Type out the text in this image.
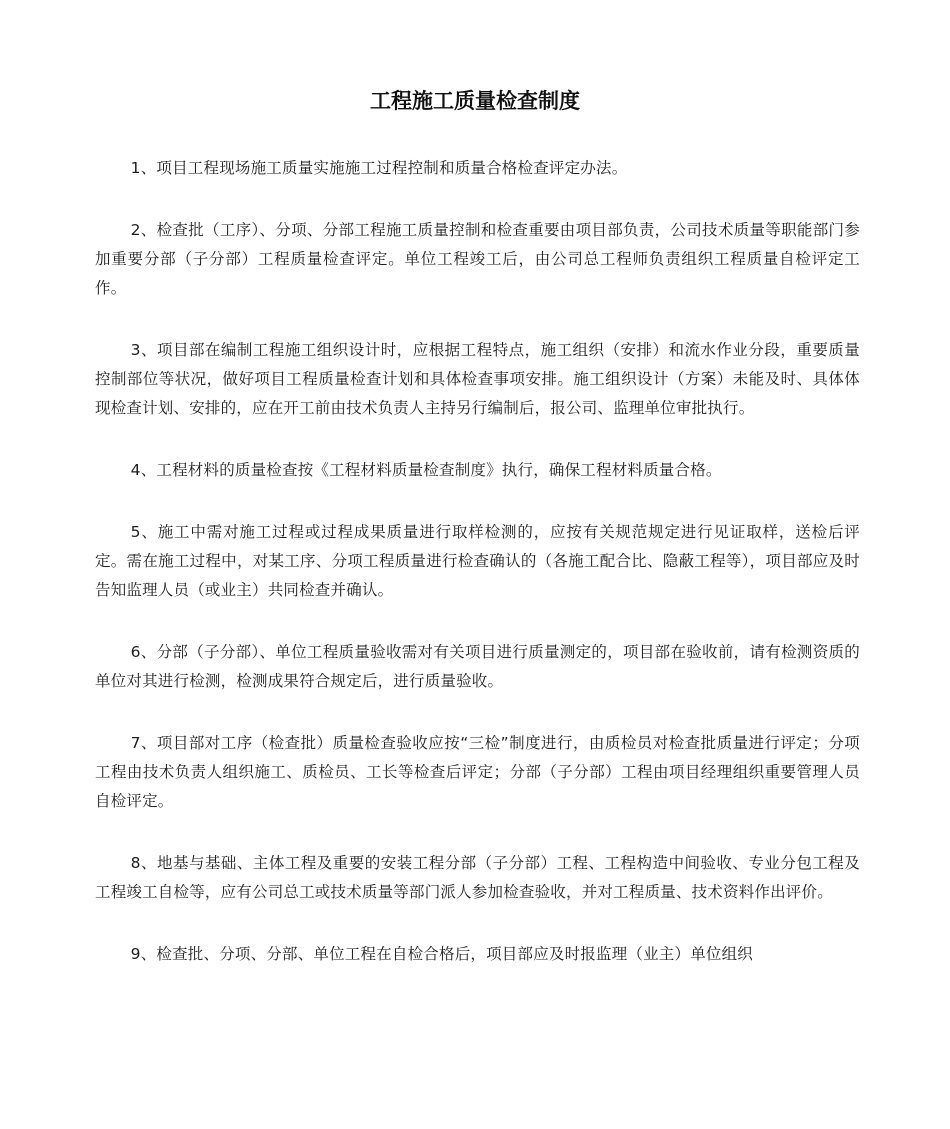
工程施工质量检查制度

1、项目工程现场施工质量实施施工过程控制和质量合格检查评定办法。

2、检查批（工序）、分项、分部工程施工质量控制和检查重要由项目部负责，公司技术质量等职能部门参加重要分部（子分部）工程质量检查评定。单位工程竣工后，由公司总工程师负责组织工程质量自检评定工作。

3、项目部在编制工程施工组织设计时，应根据工程特点，施工组织（安排）和流水作业分段，重要质量控制部位等状况，做好项目工程质量检查计划和具体检查事项安排。施工组织设计（方案）未能及时、具体体现检查计划、安排的，应在开工前由技术负责人主持另行编制后，报公司、监理单位审批执行。

4、工程材料的质量检查按《工程材料质量检查制度》执行，确保工程材料质量合格。

5、施工中需对施工过程或过程成果质量进行取样检测的，应按有关规范规定进行见证取样，送检后评定。需在施工过程中，对某工序、分项工程质量进行检查确认的（各施工配合比、隐蔽工程等），项目部应及时告知监理人员（或业主）共同检查并确认。

6、分部（子分部）、单位工程质量验收需对有关项目进行质量测定的，项目部在验收前，请有检测资质的单位对其进行检测，检测成果符合规定后，进行质量验收。

7、项目部对工序（检查批）质量检查验收应按“三检”制度进行，由质检员对检查批质量进行评定；分项工程由技术负责人组织施工、质检员、工长等检查后评定；分部（子分部）工程由项目经理组织重要管理人员自检评定。

8、地基与基础、主体工程及重要的安装工程分部（子分部）工程、工程构造中间验收、专业分包工程及工程竣工自检等，应有公司总工或技术质量等部门派人参加检查验收，并对工程质量、技术资料作出评价。

9、检查批、分项、分部、单位工程在自检合格后，项目部应及时报监理（业主）单位组织
